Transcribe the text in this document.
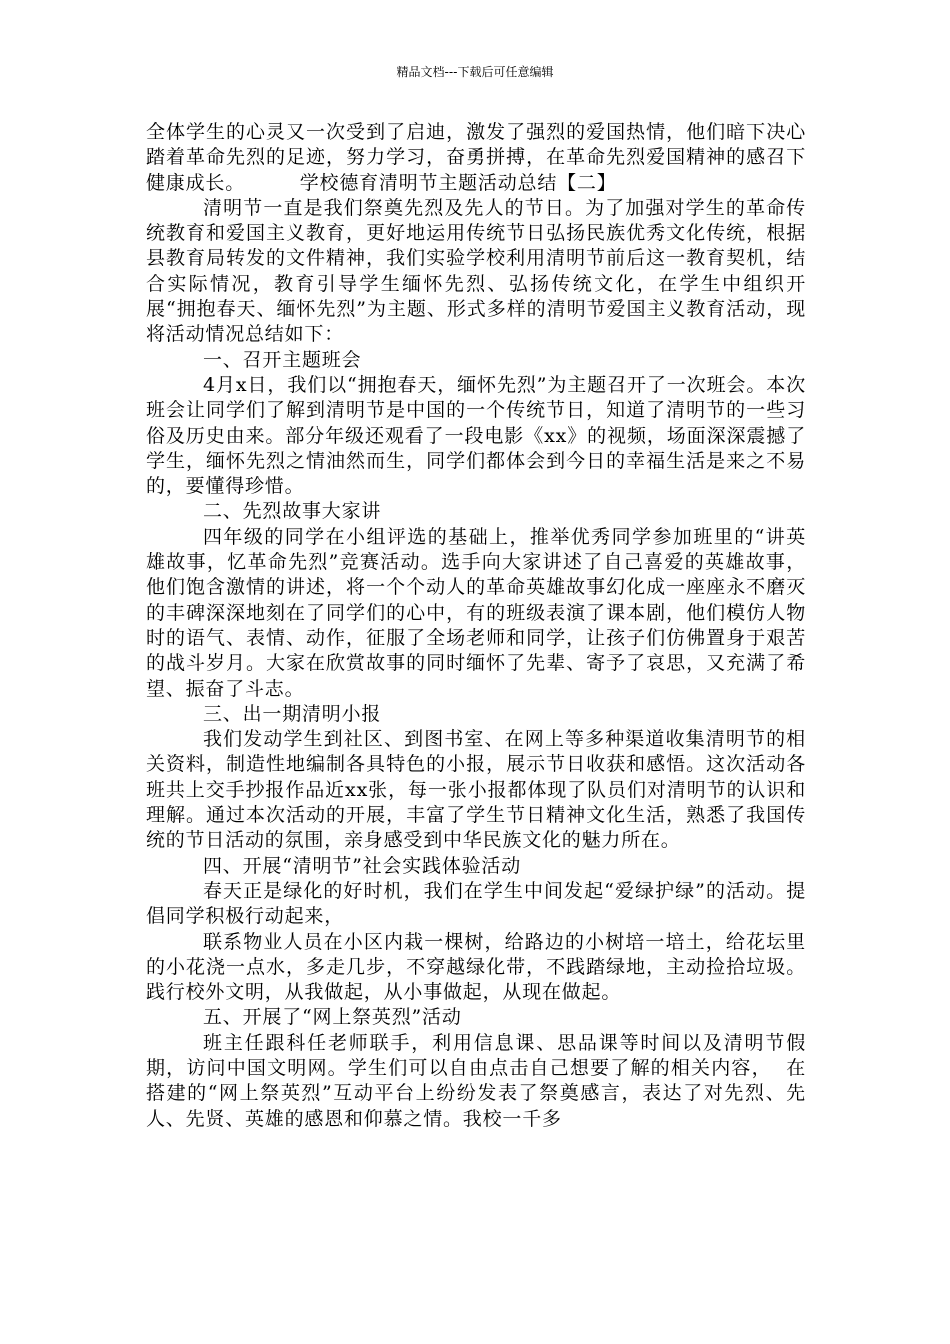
精品文档---下载后可任意编辑

全体学生的心灵又一次受到了启迪，激发了强烈的爱国热情，他们暗下决心踏着革命先烈的足迹，努力学习，奋勇拼搏，在革命先烈爱国精神的感召下健康成长。        学校德育清明节主题活动总结【二】

清明节一直是我们祭奠先烈及先人的节日。为了加强对学生的革命传统教育和爱国主义教育，更好地运用传统节日弘扬民族优秀文化传统，根据县教育局转发的文件精神，我们实验学校利用清明节前后这一教育契机，结合实际情况，教育引导学生缅怀先烈、弘扬传统文化，在学生中组织开展“拥抱春天、缅怀先烈”为主题、形式多样的清明节爱国主义教育活动，现将活动情况总结如下：

一、召开主题班会

4月x日，我们以“拥抱春天，缅怀先烈”为主题召开了一次班会。本次班会让同学们了解到清明节是中国的一个传统节日，知道了清明节的一些习俗及历史由来。部分年级还观看了一段电影《xx》的视频，场面深深震撼了学生，缅怀先烈之情油然而生，同学们都体会到今日的幸福生活是来之不易的，要懂得珍惜。

二、先烈故事大家讲

四年级的同学在小组评选的基础上，推举优秀同学参加班里的“讲英雄故事，忆革命先烈”竞赛活动。选手向大家讲述了自己喜爱的英雄故事，他们饱含激情的讲述，将一个个动人的革命英雄故事幻化成一座座永不磨灭的丰碑深深地刻在了同学们的心中，有的班级表演了课本剧，他们模仿人物时的语气、表情、动作，征服了全场老师和同学，让孩子们仿佛置身于艰苦的战斗岁月。大家在欣赏故事的同时缅怀了先辈、寄予了哀思，又充满了希望、振奋了斗志。

三、出一期清明小报

我们发动学生到社区、到图书室、在网上等多种渠道收集清明节的相关资料，制造性地编制各具特色的小报，展示节日收获和感悟。这次活动各班共上交手抄报作品近xx张，每一张小报都体现了队员们对清明节的认识和理解。通过本次活动的开展，丰富了学生节日精神文化生活，熟悉了我国传统的节日活动的氛围，亲身感受到中华民族文化的魅力所在。

四、开展“清明节”社会实践体验活动

春天正是绿化的好时机，我们在学生中间发起“爱绿护绿”的活动。提倡同学积极行动起来，

联系物业人员在小区内栽一棵树，给路边的小树培一培土，给花坛里的小花浇一点水，多走几步，不穿越绿化带，不践踏绿地，主动捡拾垃圾。践行校外文明，从我做起，从小事做起，从现在做起。

五、开展了“网上祭英烈”活动

班主任跟科任老师联手，利用信息课、思品课等时间以及清明节假期，访问中国文明网。学生们可以自由点击自己想要了解的相关内容，  在搭建的“网上祭英烈”互动平台上纷纷发表了祭奠感言，表达了对先烈、先人、先贤、英雄的感恩和仰慕之情。我校一千多
